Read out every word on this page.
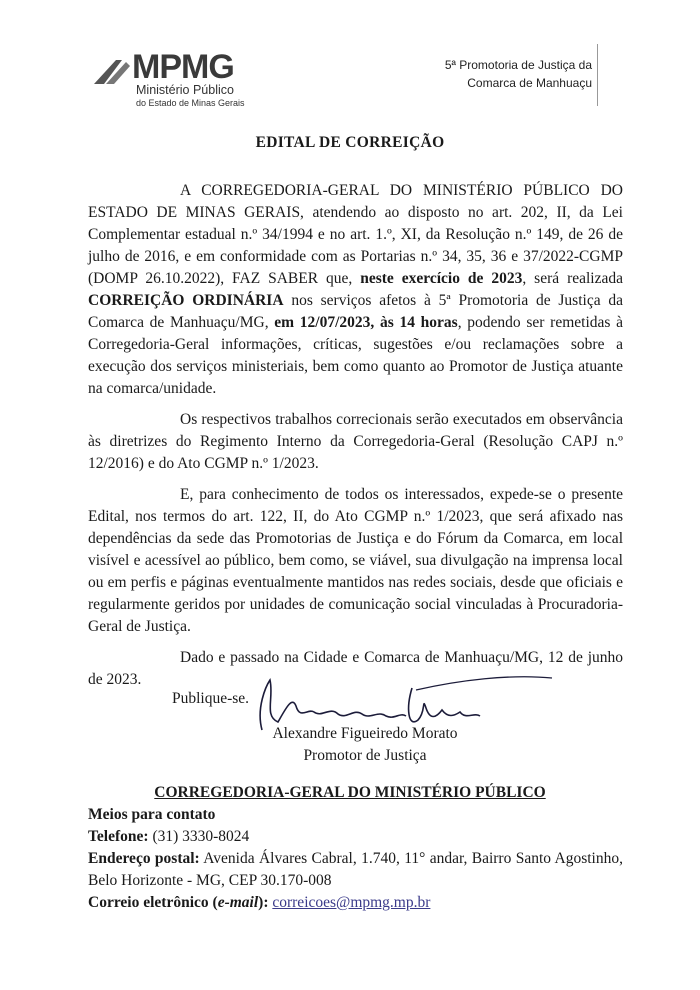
MPMG
Ministério Público
do Estado de Minas Gerais
5ª Promotoria de Justiça da
Comarca de Manhuaçu
EDITAL DE CORREIÇÃO

A CORREGEDORIA-GERAL DO MINISTÉRIO PÚBLICO DO ESTADO DE MINAS GERAIS, atendendo ao disposto no art. 202, II, da Lei Complementar estadual n.º 34/1994 e no art. 1.º, XI, da Resolução n.º 149, de 26 de julho de 2016, e em conformidade com as Portarias n.º 34, 35, 36 e 37/2022-CGMP (DOMP 26.10.2022), FAZ SABER que, neste exercício de 2023, será realizada CORREIÇÃO ORDINÁRIA nos serviços afetos à 5ª Promotoria de Justiça da Comarca de Manhuaçu/MG, em 12/07/2023, às 14 horas, podendo ser remetidas à Corregedoria-Geral informações, críticas, sugestões e/ou reclamações sobre a execução dos serviços ministeriais, bem como quanto ao Promotor de Justiça atuante na comarca/unidade.

Os respectivos trabalhos correcionais serão executados em observância às diretrizes do Regimento Interno da Corregedoria-Geral (Resolução CAPJ n.º 12/2016) e do Ato CGMP n.º 1/2023.

E, para conhecimento de todos os interessados, expede-se o presente Edital, nos termos do art. 122, II, do Ato CGMP n.º 1/2023, que será afixado nas dependências da sede das Promotorias de Justiça e do Fórum da Comarca, em local visível e acessível ao público, bem como, se viável, sua divulgação na imprensa local ou em perfis e páginas eventualmente mantidos nas redes sociais, desde que oficiais e regularmente geridos por unidades de comunicação social vinculadas à Procuradoria-Geral de Justiça.

Dado e passado na Cidade e Comarca de Manhuaçu/MG, 12 de junho de 2023.

Publique-se.
Alexandre Figueiredo Morato
Promotor de Justiça
CORREGEDORIA-GERAL DO MINISTÉRIO PÚBLICO
Meios para contato
Telefone: (31) 3330-8024
Endereço postal: Avenida Álvares Cabral, 1.740, 11° andar, Bairro Santo Agostinho, Belo Horizonte - MG, CEP 30.170-008
Correio eletrônico (e-mail): correicoes@mpmg.mp.br
